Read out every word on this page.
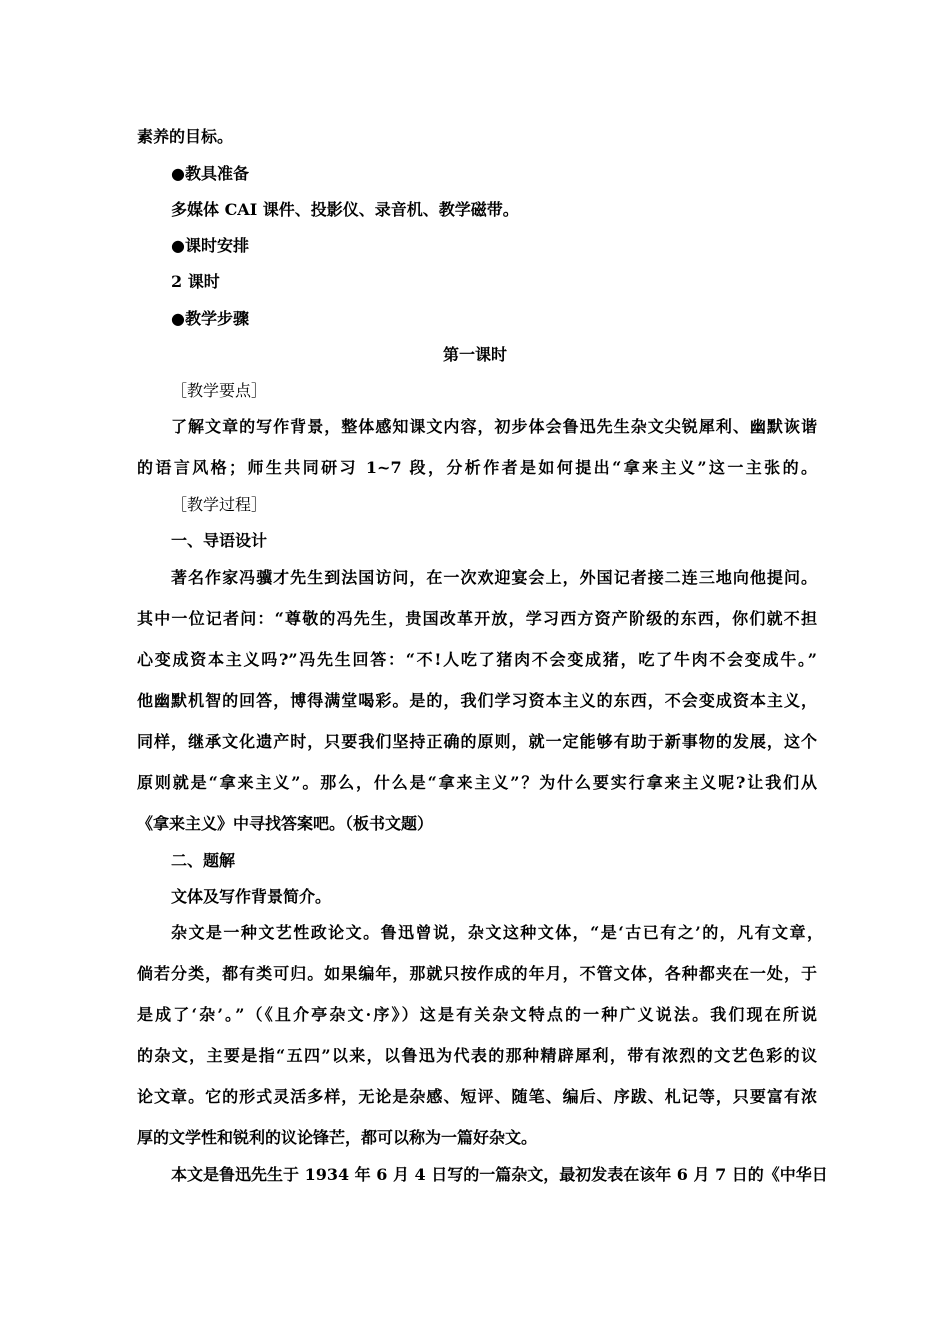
素养的目标。
●教具准备
多媒体 CAI 课件、投影仪、录音机、教学磁带。
●课时安排
2 课时
●教学步骤
第一课时
［教学要点］
了解文章的写作背景，整体感知课文内容，初步体会鲁迅先生杂文尖锐犀利、幽默诙谐
的语言风格；师生共同研习 1~7 段，分析作者是如何提出“拿来主义”这一主张的。
［教学过程］
一、导语设计
著名作家冯骥才先生到法国访问，在一次欢迎宴会上，外国记者接二连三地向他提问。
其中一位记者问：“尊敬的冯先生，贵国改革开放，学习西方资产阶级的东西，你们就不担
心变成资本主义吗?”冯先生回答：“不!人吃了猪肉不会变成猪，吃了牛肉不会变成牛。”
他幽默机智的回答，博得满堂喝彩。是的，我们学习资本主义的东西，不会变成资本主义，
同样，继承文化遗产时，只要我们坚持正确的原则，就一定能够有助于新事物的发展，这个
原则就是“拿来主义”。那么，什么是“拿来主义”？为什么要实行拿来主义呢?让我们从
《拿来主义》中寻找答案吧。（板书文题）
二、题解
文体及写作背景简介。
杂文是一种文艺性政论文。鲁迅曾说，杂文这种文体，“是‘古已有之’的，凡有文章，
倘若分类，都有类可归。如果编年，那就只按作成的年月，不管文体，各种都夹在一处，于
是成了‘杂’。”（《且介亭杂文·序》）这是有关杂文特点的一种广义说法。我们现在所说
的杂文，主要是指“五四”以来，以鲁迅为代表的那种精辟犀利，带有浓烈的文艺色彩的议
论文章。它的形式灵活多样，无论是杂感、短评、随笔、编后、序跋、札记等，只要富有浓
厚的文学性和锐利的议论锋芒，都可以称为一篇好杂文。
本文是鲁迅先生于 1934 年 6 月 4 日写的一篇杂文，最初发表在该年 6 月 7 日的《中华日
